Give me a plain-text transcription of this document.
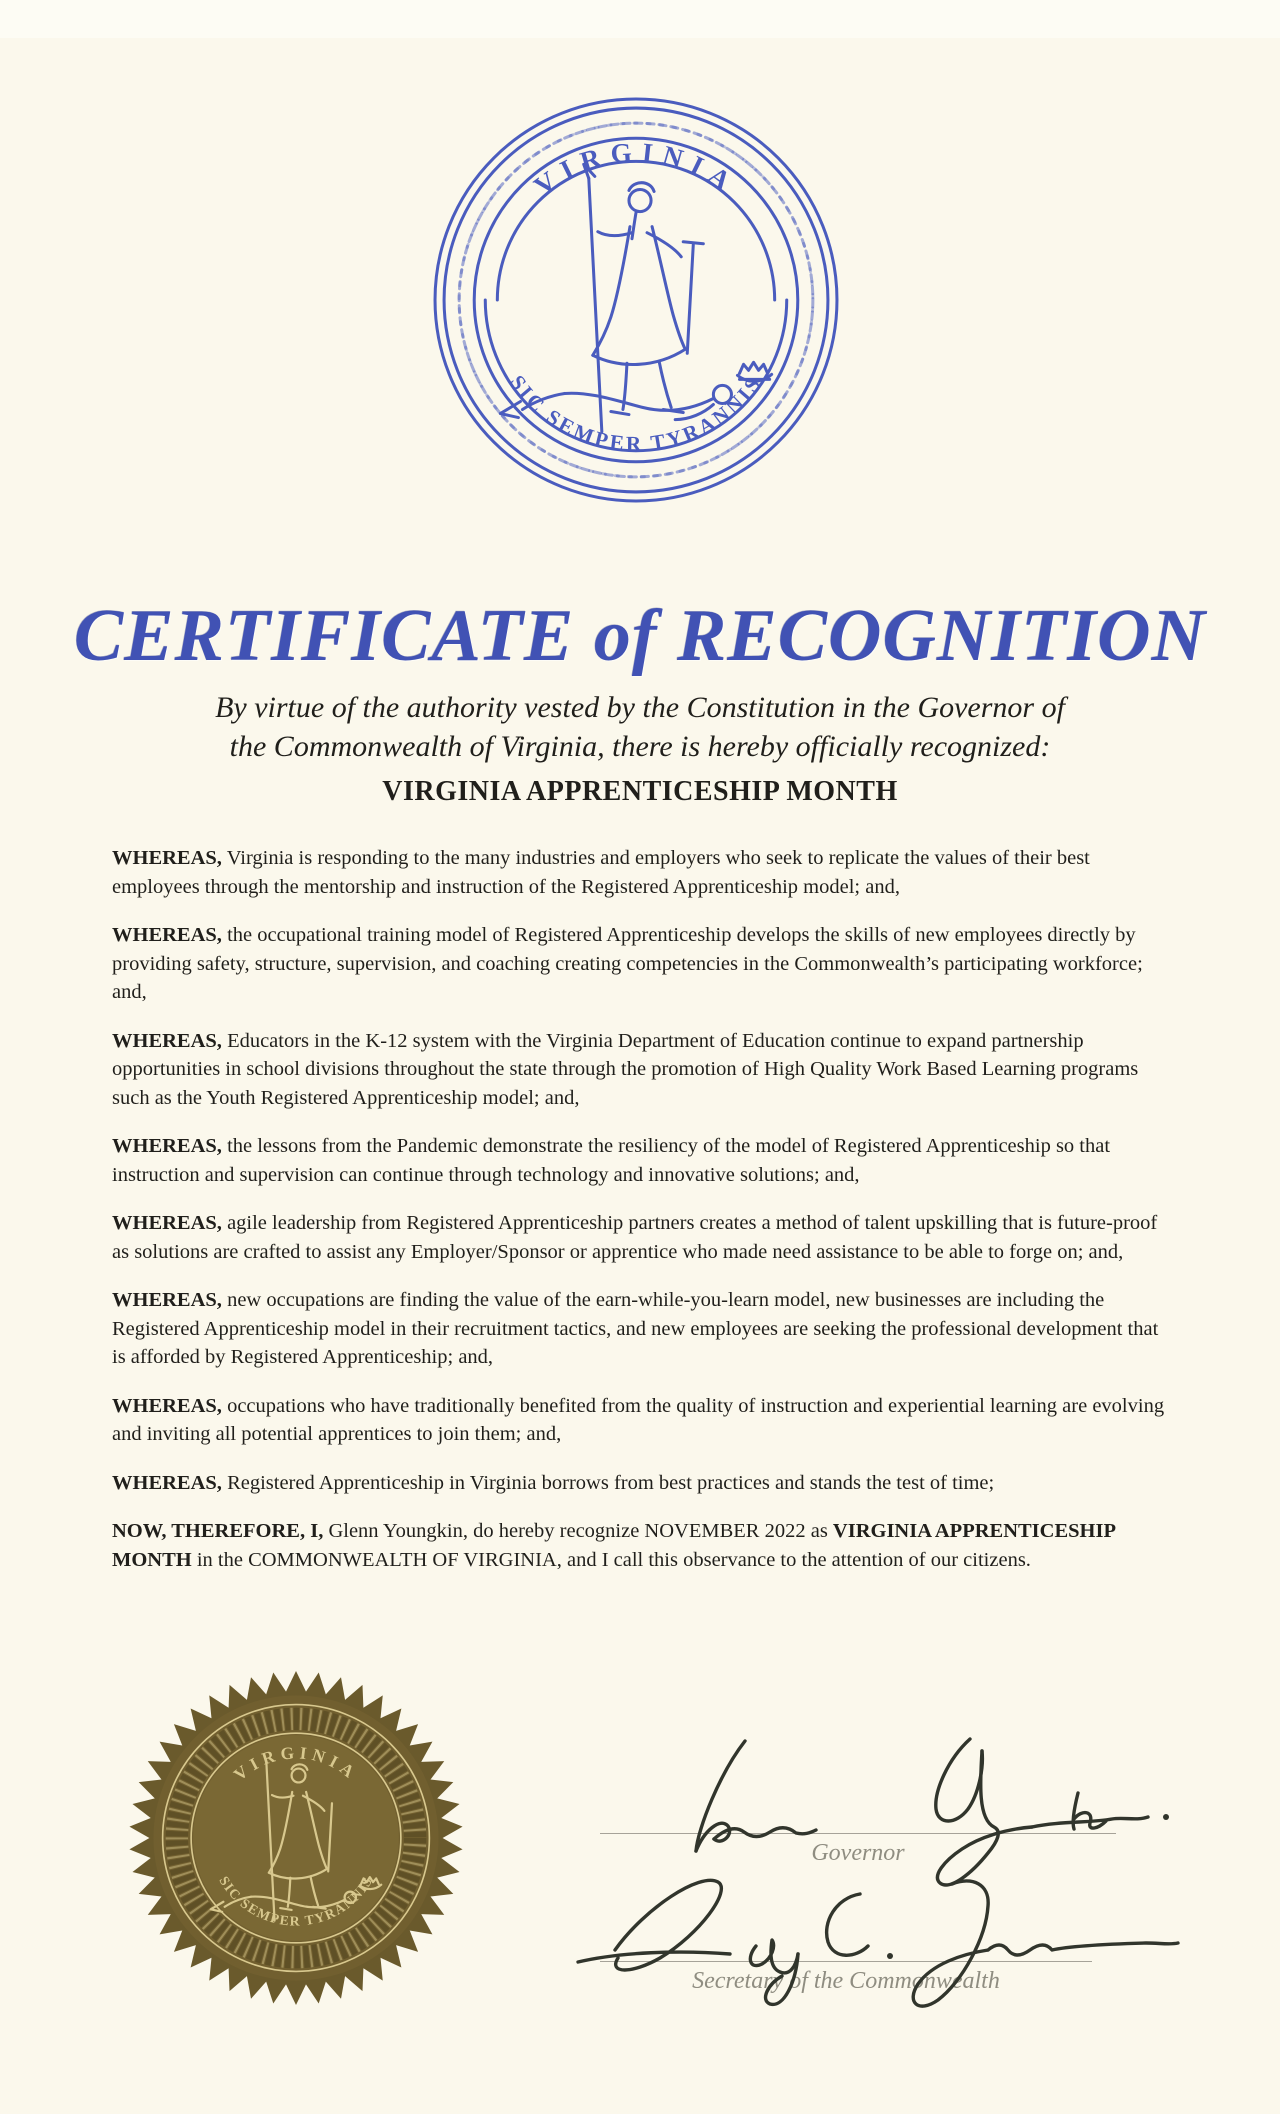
VIRGINIA
SIC SEMPER TYRANNIS
CERTIFICATE of RECOGNITION
By virtue of the authority vested by the Constitution in the Governor of
the Commonwealth of Virginia, there is hereby officially recognized:
VIRGINIA APPRENTICESHIP MONTH

WHEREAS, Virginia is responding to the many industries and employers who seek to replicate the values of their best employees through the mentorship and instruction of the Registered Apprenticeship model; and,

WHEREAS, the occupational training model of Registered Apprenticeship develops the skills of new employees directly by providing safety, structure, supervision, and coaching creating competencies in the Commonwealth’s participating workforce; and,

WHEREAS, Educators in the K-12 system with the Virginia Department of Education continue to expand partnership opportunities in school divisions throughout the state through the promotion of High Quality Work Based Learning programs such as the Youth Registered Apprenticeship model; and,

WHEREAS, the lessons from the Pandemic demonstrate the resiliency of the model of Registered Apprenticeship so that instruction and supervision can continue through technology and innovative solutions; and,

WHEREAS, agile leadership from Registered Apprenticeship partners creates a method of talent upskilling that is future-proof as solutions are crafted to assist any Employer/Sponsor or apprentice who made need assistance to be able to forge on; and,

WHEREAS, new occupations are finding the value of the earn-while-you-learn model, new businesses are including the Registered Apprenticeship model in their recruitment tactics, and new employees are seeking the professional development that is afforded by Registered Apprenticeship; and,

WHEREAS, occupations who have traditionally benefited from the quality of instruction and experiential learning are evolving and inviting all potential apprentices to join them; and,

WHEREAS, Registered Apprenticeship in Virginia borrows from best practices and stands the test of time;

NOW, THEREFORE, I, Glenn Youngkin, do hereby recognize NOVEMBER 2022 as VIRGINIA APPRENTICESHIP MONTH in the COMMONWEALTH OF VIRGINIA, and I call this observance to the attention of our citizens.

VIRGINIA
SIC SEMPER TYRANNIS
Governor
Secretary of the Commonwealth
